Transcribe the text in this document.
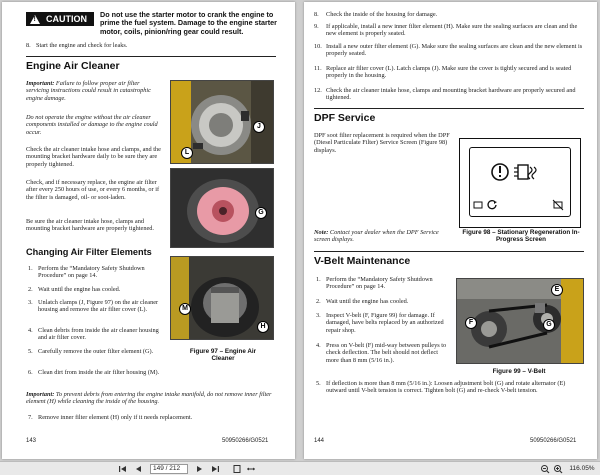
!
CAUTION Do not use the starter motor to crank the engine to prime the fuel system. Damage to the engine starter motor, coils, pinion/ring gear could result.
8. Start the engine and check for leaks.
Engine Air Cleaner
Important: Failure to follow proper air filter servicing instructions could result in catastrophic engine damage.
Do not operate the engine without the air cleaner components installed or damage to the engine could occur.
Check the air cleaner intake hose and clamps, and the mounting bracket hardware daily to be sure they are properly tightened.
Check, and if necessary replace, the engine air filter after every 250 hours of use, or every 6 months, or if the filter is damaged, oil- or soot-laden.
Be sure the air cleaner intake hose, clamps and mounting bracket hardware are properly tightened.
Changing Air Filter Elements
1. Perform the “Mandatory Safety Shutdown Procedure” on page 14.
2. Wait until the engine has cooled.
3. Unlatch clamps (J, Figure 97) on the air cleaner housing and remove the air filter cover (L).
4. Clean debris from inside the air cleaner housing and air filter cover.
5. Carefully remove the outer filter element (G).
6. Clean dirt from inside the air filter housing (M).
Important: To prevent debris from entering the engine intake manifold, do not remove inner filter element (H) while cleaning the inside of the housing.
7. Remove inner filter element (H) only if it needs replacement.
J
L
G
M
H
Figure 97 – Engine Air Cleaner
143	50950266/G0521
8. Check the inside of the housing for damage.
9. If applicable, install a new inner filter element (H). Make sure the sealing surfaces are clean and the new element is properly seated.
10. Install a new outer filter element (G). Make sure the sealing surfaces are clean and the new element is properly seated.
11. Replace air filter cover (L). Latch clamps (J). Make sure the cover is tightly secured and is seated properly in the housing.
12. Check the air cleaner intake hose, clamps and mounting bracket hardware are properly secured and tightened.
DPF Service
DPF soot filter replacement is required when the DPF (Diesel Particulate Filter) Service Screen (Figure 98) displays.
Figure 98 – Stationary Regeneration In-Progress Screen
Note: Contact your dealer when the DPF Service screen displays.
V-Belt Maintenance
1. Perform the “Mandatory Safety Shutdown Procedure” on page 14.
2. Wait until the engine has cooled.
3. Inspect V-belt (F, Figure 99) for damage. If damaged, have belts replaced by an authorized repair shop.
4. Press on V-belt (F) mid-way between pulleys to check deflection. The belt should not deflect more than 8 mm (5/16 in.).
5. If deflection is more than 8 mm (5/16 in.): Loosen adjustment bolt (G) and rotate alternator (E) outward until V-belt tension is correct. Tighten bolt (G) and re-check V-belt tension.
E
F	G
Figure 99 – V-Belt
144	50950266/G0521
149 / 212	116.05%
